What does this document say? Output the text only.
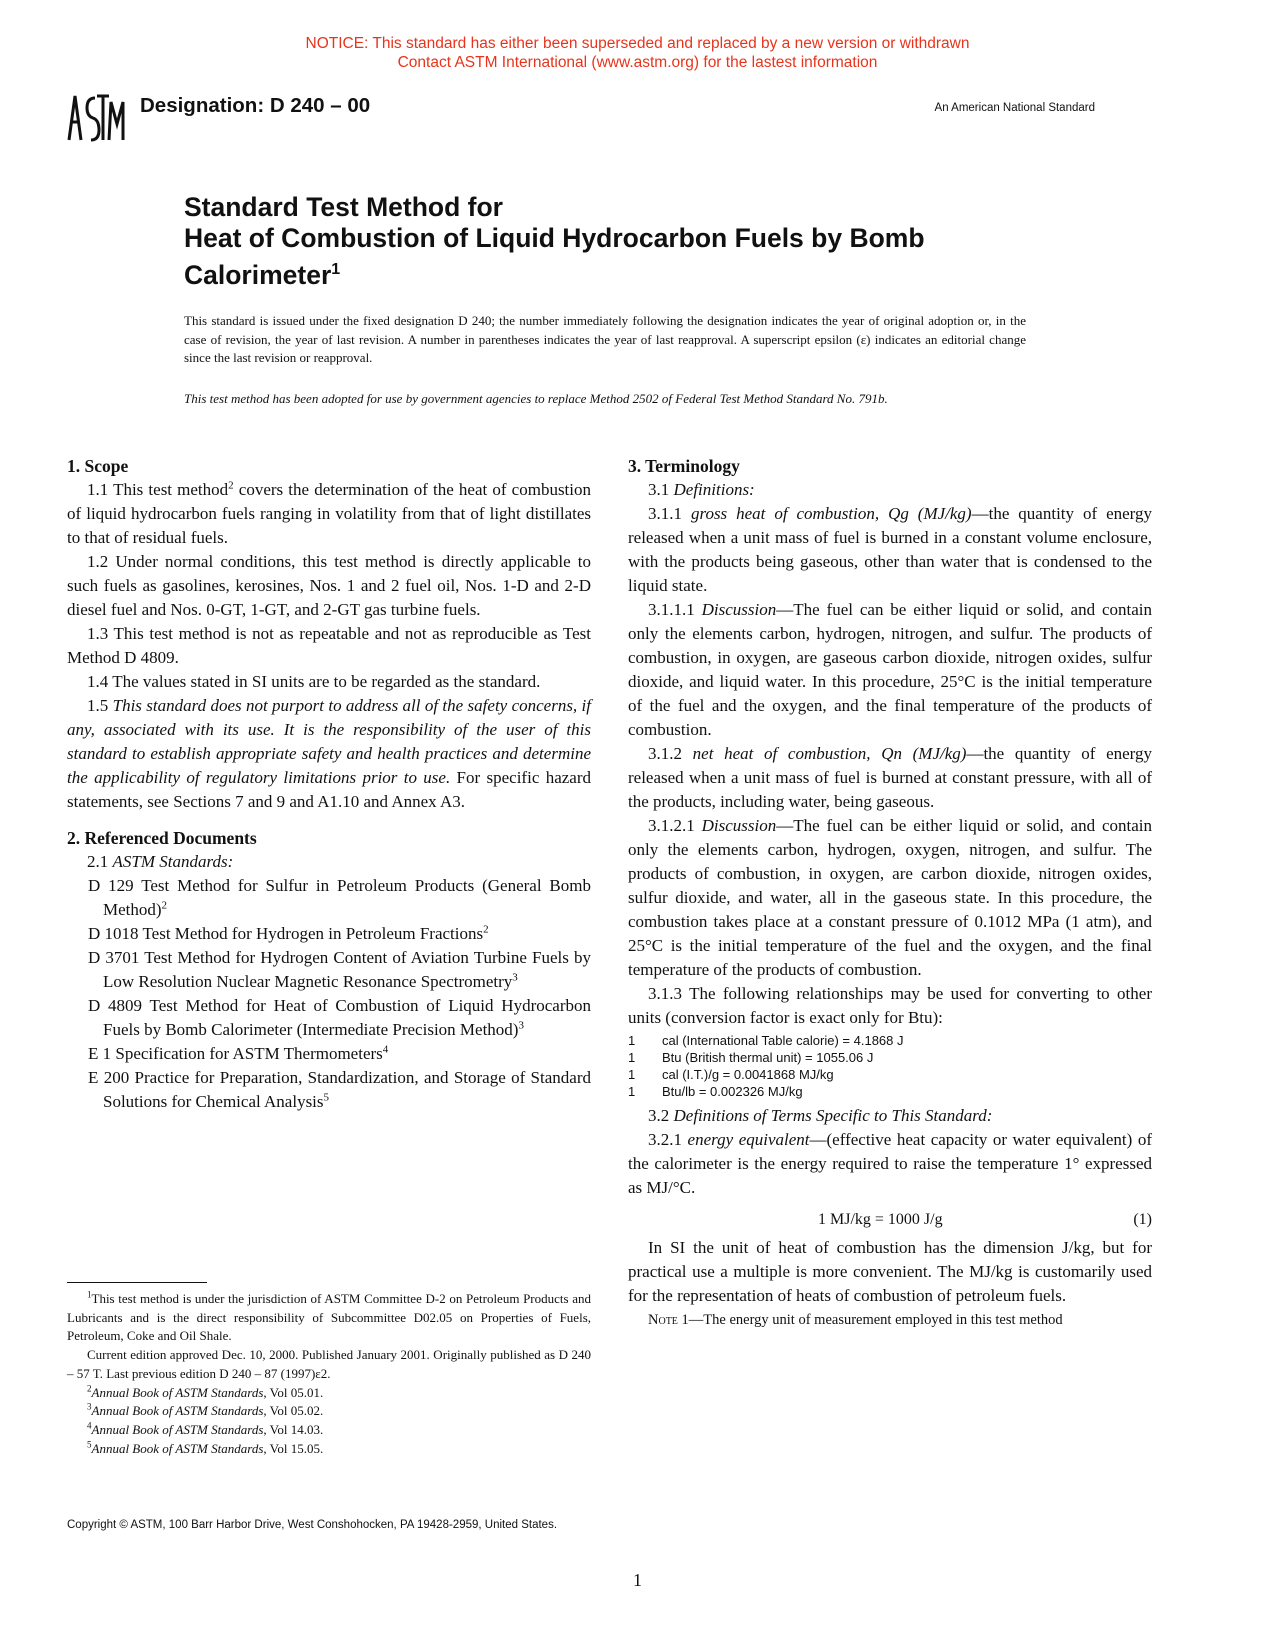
NOTICE: This standard has either been superseded and replaced by a new version or withdrawn
Contact ASTM International (www.astm.org) for the lastest information
Designation: D 240 – 00	An American National Standard
Standard Test Method for
Heat of Combustion of Liquid Hydrocarbon Fuels by Bomb Calorimeter$^1$
This standard is issued under the fixed designation D 240; the number immediately following the designation indicates the year of original adoption or, in the case of revision, the year of last revision. A number in parentheses indicates the year of last reapproval. A superscript epsilon (ε) indicates an editorial change since the last revision or reapproval.
This test method has been adopted for use by government agencies to replace Method 2502 of Federal Test Method Standard No. 791b.
1. Scope

1.1 This test method$^2$ covers the determination of the heat of combustion of liquid hydrocarbon fuels ranging in volatility from that of light distillates to that of residual fuels.

1.2 Under normal conditions, this test method is directly applicable to such fuels as gasolines, kerosines, Nos. 1 and 2 fuel oil, Nos. 1-D and 2-D diesel fuel and Nos. 0-GT, 1-GT, and 2-GT gas turbine fuels.

1.3 This test method is not as repeatable and not as reproducible as Test Method D 4809.

1.4 The values stated in SI units are to be regarded as the standard.

1.5 This standard does not purport to address all of the safety concerns, if any, associated with its use. It is the responsibility of the user of this standard to establish appropriate safety and health practices and determine the applicability of regulatory limitations prior to use. For specific hazard statements, see Sections 7 and 9 and A1.10 and Annex A3.

2. Referenced Documents

2.1 ASTM Standards:

D 129 Test Method for Sulfur in Petroleum Products (General Bomb Method)$^2$

D 1018 Test Method for Hydrogen in Petroleum Fractions$^2$

D 3701 Test Method for Hydrogen Content of Aviation Turbine Fuels by Low Resolution Nuclear Magnetic Resonance Spectrometry$^3$

D 4809 Test Method for Heat of Combustion of Liquid Hydrocarbon Fuels by Bomb Calorimeter (Intermediate Precision Method)$^3$

E 1 Specification for ASTM Thermometers$^4$

E 200 Practice for Preparation, Standardization, and Storage of Standard Solutions for Chemical Analysis$^5$

3. Terminology

3.1 Definitions:

3.1.1 gross heat of combustion, Qg (MJ/kg)—the quantity of energy released when a unit mass of fuel is burned in a constant volume enclosure, with the products being gaseous, other than water that is condensed to the liquid state.

3.1.1.1 Discussion—The fuel can be either liquid or solid, and contain only the elements carbon, hydrogen, nitrogen, and sulfur. The products of combustion, in oxygen, are gaseous carbon dioxide, nitrogen oxides, sulfur dioxide, and liquid water. In this procedure, 25°C is the initial temperature of the fuel and the oxygen, and the final temperature of the products of combustion.

3.1.2 net heat of combustion, Qn (MJ/kg)—the quantity of energy released when a unit mass of fuel is burned at constant pressure, with all of the products, including water, being gaseous.

3.1.2.1 Discussion—The fuel can be either liquid or solid, and contain only the elements carbon, hydrogen, oxygen, nitrogen, and sulfur. The products of combustion, in oxygen, are carbon dioxide, nitrogen oxides, sulfur dioxide, and water, all in the gaseous state. In this procedure, the combustion takes place at a constant pressure of 0.1012 MPa (1 atm), and 25°C is the initial temperature of the fuel and the oxygen, and the final temperature of the products of combustion.

3.1.3 The following relationships may be used for converting to other units (conversion factor is exact only for Btu):

1	cal (International Table calorie) = 4.1868 J
1	Btu (British thermal unit) = 1055.06 J
1	cal (I.T.)/g = 0.0041868 MJ/kg
1	Btu/lb = 0.002326 MJ/kg

3.2 Definitions of Terms Specific to This Standard:

3.2.1 energy equivalent—(effective heat capacity or water equivalent) of the calorimeter is the energy required to raise the temperature 1° expressed as MJ/°C.

1 MJ/kg = 1000 J/g	(1)

In SI the unit of heat of combustion has the dimension J/kg, but for practical use a multiple is more convenient. The MJ/kg is customarily used for the representation of heats of combustion of petroleum fuels.

Note 1—The energy unit of measurement employed in this test method

$^1$This test method is under the jurisdiction of ASTM Committee D-2 on Petroleum Products and Lubricants and is the direct responsibility of Subcommittee D02.05 on Properties of Fuels, Petroleum, Coke and Oil Shale.

Current edition approved Dec. 10, 2000. Published January 2001. Originally published as D 240 – 57 T. Last previous edition D 240 – 87 (1997)ε2.

$^2$Annual Book of ASTM Standards, Vol 05.01.

$^3$Annual Book of ASTM Standards, Vol 05.02.

$^4$Annual Book of ASTM Standards, Vol 14.03.

$^5$Annual Book of ASTM Standards, Vol 15.05.

Copyright © ASTM, 100 Barr Harbor Drive, West Conshohocken, PA 19428-2959, United States.
1
